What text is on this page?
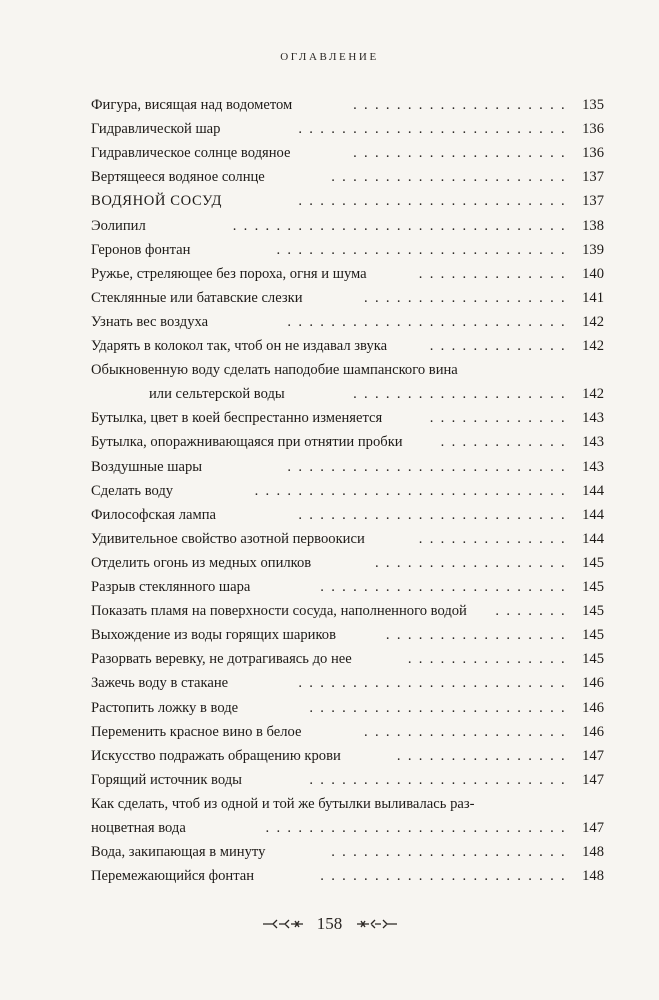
ОГЛАВЛЕНИЕ
Фигура, висящая над водометом	.  .  .  .  .  .  .  .  .  .  .  .  .  .  .  .  .  .  .  . 135
Гидравлической шар	.  .  .  .  .  .  .  .  .  .  .  .  .  .  .  .  .  .  .  .  .  .  .  .  . 136
Гидравлическое солнце водяное	.  .  .  .  .  .  .  .  .  .  .  .  .  .  .  .  .  .  .  . 136
Вертящееся водяное солнце	.  .  .  .  .  .  .  .  .  .  .  .  .  .  .  .  .  .  .  .  .  . 137
ВОДЯНОЙ СОСУД	.  .  .  .  .  .  .  .  .  .  .  .  .  .  .  .  .  .  .  .  .  .  .  .  . 137
Эолипил	.  .  .  .  .  .  .  .  .  .  .  .  .  .  .  .  .  .  .  .  .  .  .  .  .  .  .  .  .  .  . 138
Геронов фонтан	.  .  .  .  .  .  .  .  .  .  .  .  .  .  .  .  .  .  .  .  .  .  .  .  .  .  . 139
Ружье, стреляющее без пороха, огня и шума	.  .  .  .  .  .  .  .  .  .  .  .  .  . 140
Стеклянные или батавские слезки	.  .  .  .  .  .  .  .  .  .  .  .  .  .  .  .  .  .  . 141
Узнать вес воздуха	.  .  .  .  .  .  .  .  .  .  .  .  .  .  .  .  .  .  .  .  .  .  .  .  .  . 142
Ударять в колокол так, чтоб он не издавал звука	.  .  .  .  .  .  .  .  .  .  .  .  . 142
Обыкновенную воду сделать наподобие шампанского вина
или сельтерской воды	.  .  .  .  .  .  .  .  .  .  .  .  .  .  .  .  .  .  .  . 142
Бутылка, цвет в коей беспрестанно изменяется	.  .  .  .  .  .  .  .  .  .  .  .  . 143
Бутылка, опоражнивающаяся при отнятии пробки	.  .  .  .  .  .  .  .  .  .  .  . 143
Воздушные шары	.  .  .  .  .  .  .  .  .  .  .  .  .  .  .  .  .  .  .  .  .  .  .  .  .  . 143
Сделать воду	.  .  .  .  .  .  .  .  .  .  .  .  .  .  .  .  .  .  .  .  .  .  .  .  .  .  .  .  . 144
Философская лампа	.  .  .  .  .  .  .  .  .  .  .  .  .  .  .  .  .  .  .  .  .  .  .  .  . 144
Удивительное свойство азотной первоокиси	.  .  .  .  .  .  .  .  .  .  .  .  .  . 144
Отделить огонь из медных опилков	.  .  .  .  .  .  .  .  .  .  .  .  .  .  .  .  .  . 145
Разрыв стеклянного шара	.  .  .  .  .  .  .  .  .  .  .  .  .  .  .  .  .  .  .  .  .  .  . 145
Показать пламя на поверхности сосуда, наполненного водой	.  .  .  .  .  .  . 145
Выхождение из воды горящих шариков	.  .  .  .  .  .  .  .  .  .  .  .  .  .  .  .  . 145
Разорвать веревку, не дотрагиваясь до нее	.  .  .  .  .  .  .  .  .  .  .  .  .  .  . 145
Зажечь воду в стакане	.  .  .  .  .  .  .  .  .  .  .  .  .  .  .  .  .  .  .  .  .  .  .  .  . 146
Растопить ложку в воде	.  .  .  .  .  .  .  .  .  .  .  .  .  .  .  .  .  .  .  .  .  .  .  . 146
Переменить красное вино в белое	.  .  .  .  .  .  .  .  .  .  .  .  .  .  .  .  .  .  . 146
Искусство подражать обращению крови	.  .  .  .  .  .  .  .  .  .  .  .  .  .  .  . 147
Горящий источник воды	.  .  .  .  .  .  .  .  .  .  .  .  .  .  .  .  .  .  .  .  .  .  .  . 147
Как сделать, чтоб из одной и той же бутылки выливалась раз-
ноцветная вода	.  .  .  .  .  .  .  .  .  .  .  .  .  .  .  .  .  .  .  .  .  .  .  .  .  .  .  . 147
Вода, закипающая в минуту	.  .  .  .  .  .  .  .  .  .  .  .  .  .  .  .  .  .  .  .  .  . 148
Перемежающийся фонтан	.  .  .  .  .  .  .  .  .  .  .  .  .  .  .  .  .  .  .  .  .  .  . 148
158
